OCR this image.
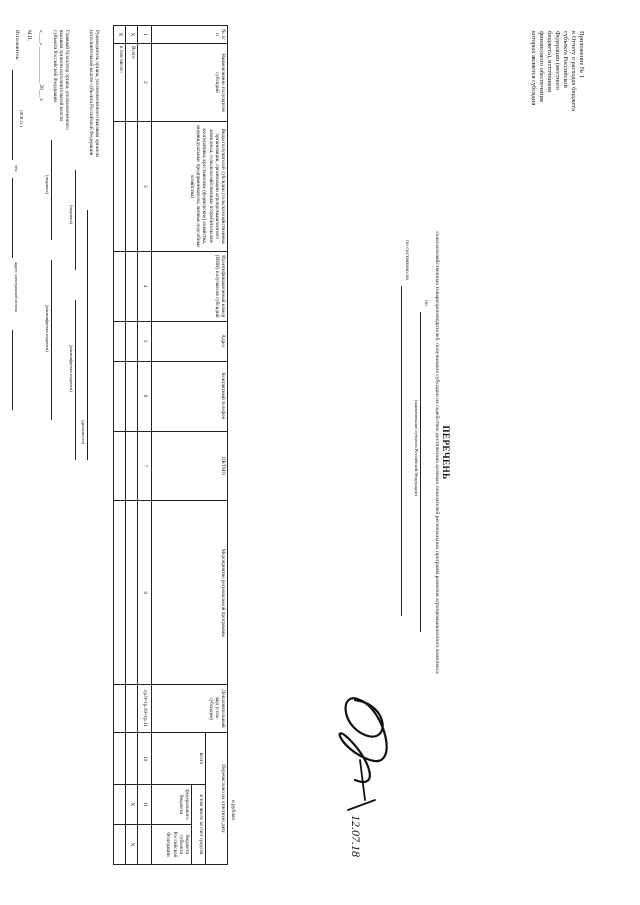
Приложение № 1
к Отчету о расходах бюджета
субъекта Российской
Федерации (местного
бюджета), источником
финансового обеспечения
которых является субсидия
ПЕРЕЧЕНЬ
сельскохозяйственных товаропроизводителей, получивших субсидии на содействие достижению целевых показателей региональных программ развития агропромышленного комплекса
по
(наименование субъекта Российской Федерации)
по состоянию на
в рублях
№ п/п	Наименование получателя субсидий	Виды получателей субсидии (сельскохозяйственные организации, организации агропромышленного комплекса, сельскохозяйственные потребительские кооперативы, крестьянские (фермерские) хозяйства, индивидуальные предприниматели, личные подсобные хозяйства)	Идентификационный номер (ИНН) получателя субсидий	Адрес	Контактный телефон	ОКТМО	Мероприятие региональной программы	Дополнительный вид (сель-субсидии)	Перечислено на отчетную дату		
									всего	в том числе за счет средств	
										федерального бюджета	бюджета субъекта Российской Федерации
1	2	3	4	5	6	7	8	гр.9=гр.10+гр.11	10	11	
X	Всего									X	X
X	в том числе:										
Руководитель органа, уполномоченного высшим органом
исполнительной власти субъекта Российской Федерации
(должность)
(подпись)
(расшифровка подписи)
Главный бухгалтер органа, уполномоченного
высшим органом исполнительной власти
субъекта Российской Федерации
(подпись)
(расшифровка подписи)
«____» ______________ 20___ г.
М.П.
Исполнитель:
(Ф.И.О.)
тел.
адрес электронной почты
12.07.18
